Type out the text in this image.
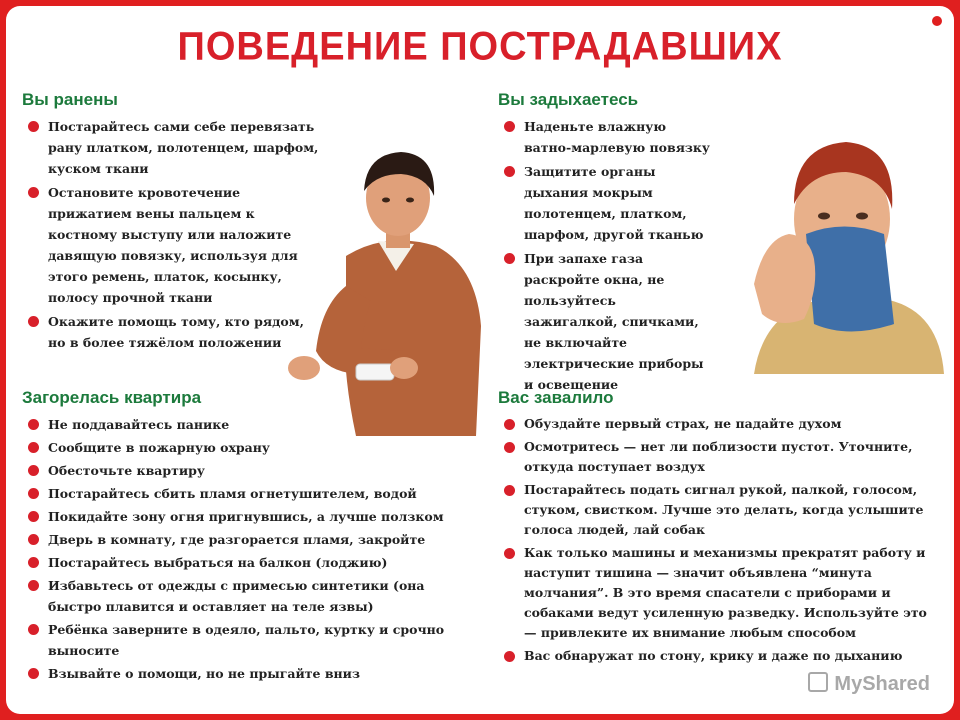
ПОВЕДЕНИЕ ПОСТРАДАВШИХ
Вы ранены
Постарайтесь сами себе перевязать рану платком, полотенцем, шарфом, куском ткани
Остановите кровотечение прижатием вены пальцем к костному выступу или наложите давящую повязку, используя для этого ремень, платок, косынку, полосу прочной ткани
Окажите помощь тому, кто рядом, но в более тяжёлом положении
Вы задыхаетесь
Наденьте влажную ватно-марлевую повязку
Защитите органы дыхания мокрым полотенцем, платком, шарфом, другой тканью
При запахе газа раскройте окна, не пользуйтесь зажигалкой, спичками, не включайте электрические приборы и освещение
Загорелась квартира
Не поддавайтесь панике
Сообщите в пожарную охрану
Обесточьте квартиру
Постарайтесь сбить пламя огнетушителем, водой
Покидайте зону огня пригнувшись, а лучше ползком
Дверь в комнату, где разгорается пламя, закройте
Постарайтесь выбраться на балкон (лоджию)
Избавьтесь от одежды с примесью синтетики (она быстро плавится и оставляет на теле язвы)
Ребёнка заверните в одеяло, пальто, куртку и срочно выносите
Взывайте о помощи, но не прыгайте вниз
Вас завалило
Обуздайте первый страх, не падайте духом
Осмотритесь — нет ли поблизости пустот. Уточните, откуда поступает воздух
Постарайтесь подать сигнал рукой, палкой, голосом, стуком, свистком. Лучше это делать, когда услышите голоса людей, лай собак
Как только машины и механизмы прекратят работу и наступит тишина — значит объявлена “минута молчания”. В это время спасатели с приборами и собаками ведут усиленную разведку. Используйте это — привлеките их внимание любым способом
Вас обнаружат по стону, крику и даже по дыханию
MyShared
